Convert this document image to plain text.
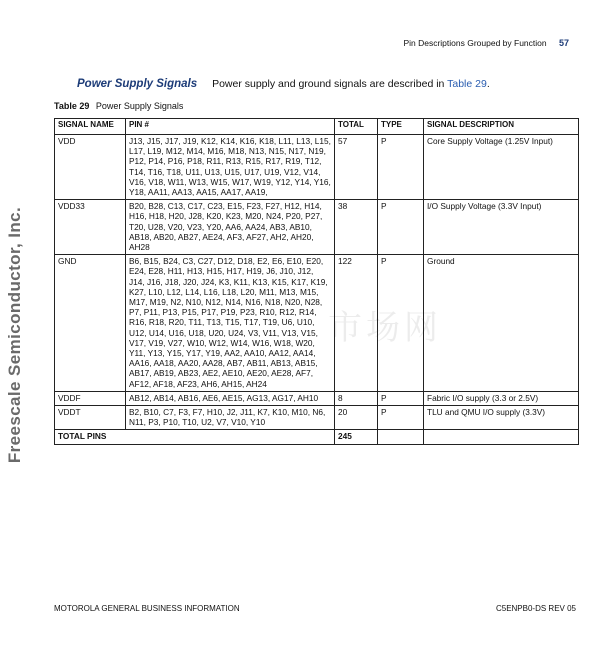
Pin Descriptions Grouped by Function 57
Freescale Semiconductor, Inc.	市场网
Power Supply Signals Power supply and ground signals are described in Table 29.
Table 29 Power Supply Signals
SIGNAL NAME	PIN #	TOTAL	TYPE	SIGNAL DESCRIPTION
VDD	J13, J15, J17, J19, K12, K14, K16, K18, L11, L13, L15, L17, L19, M12, M14, M16, M18, N13, N15, N17, N19, P12, P14, P16, P18, R11, R13, R15, R17, R19, T12, T14, T16, T18, U11, U13, U15, U17, U19, V12, V14, V16, V18, W11, W13, W15, W17, W19, Y12, Y14, Y16, Y18, AA11, AA13, AA15, AA17, AA19,	57	P	Core Supply Voltage (1.25V Input)
VDD33	B20, B28, C13, C17, C23, E15, F23, F27, H12, H14, H16, H18, H20, J28, K20, K23, M20, N24, P20, P27, T20, U28, V20, V23, Y20, AA6, AA24, AB3, AB10, AB18, AB20, AB27, AE24, AF3, AF27, AH2, AH20, AH28	38	P	I/O Supply Voltage (3.3V Input)
GND	B6, B15, B24, C3, C27, D12, D18, E2, E6, E10, E20, E24, E28, H11, H13, H15, H17, H19, J6, J10, J12, J14, J16, J18, J20, J24, K3, K11, K13, K15, K17, K19, K27, L10, L12, L14, L16, L18, L20, M11, M13, M15, M17, M19, N2, N10, N12, N14, N16, N18, N20, N28, P7, P11, P13, P15, P17, P19, P23, R10, R12, R14, R16, R18, R20, T11, T13, T15, T17, T19, U6, U10, U12, U14, U16, U18, U20, U24, V3, V11, V13, V15, V17, V19, V27, W10, W12, W14, W16, W18, W20, Y11, Y13, Y15, Y17, Y19, AA2, AA10, AA12, AA14, AA16, AA18, AA20, AA28, AB7, AB11, AB13, AB15, AB17, AB19, AB23, AE2, AE10, AE20, AE28, AF7, AF12, AF18, AF23, AH6, AH15, AH24	122	P	Ground
VDDF	AB12, AB14, AB16, AE6, AE15, AG13, AG17, AH10	8	P	Fabric I/O supply (3.3 or 2.5V)
VDDT	B2, B10, C7, F3, F7, H10, J2, J11, K7, K10, M10, N6, N11, P3, P10, T10, U2, V7, V10, Y10	20	P	TLU and QMU I/O supply (3.3V)
TOTAL PINS		245		
MOTOROLA GENERAL BUSINESS INFORMATION	C5ENPB0-DS REV 05
